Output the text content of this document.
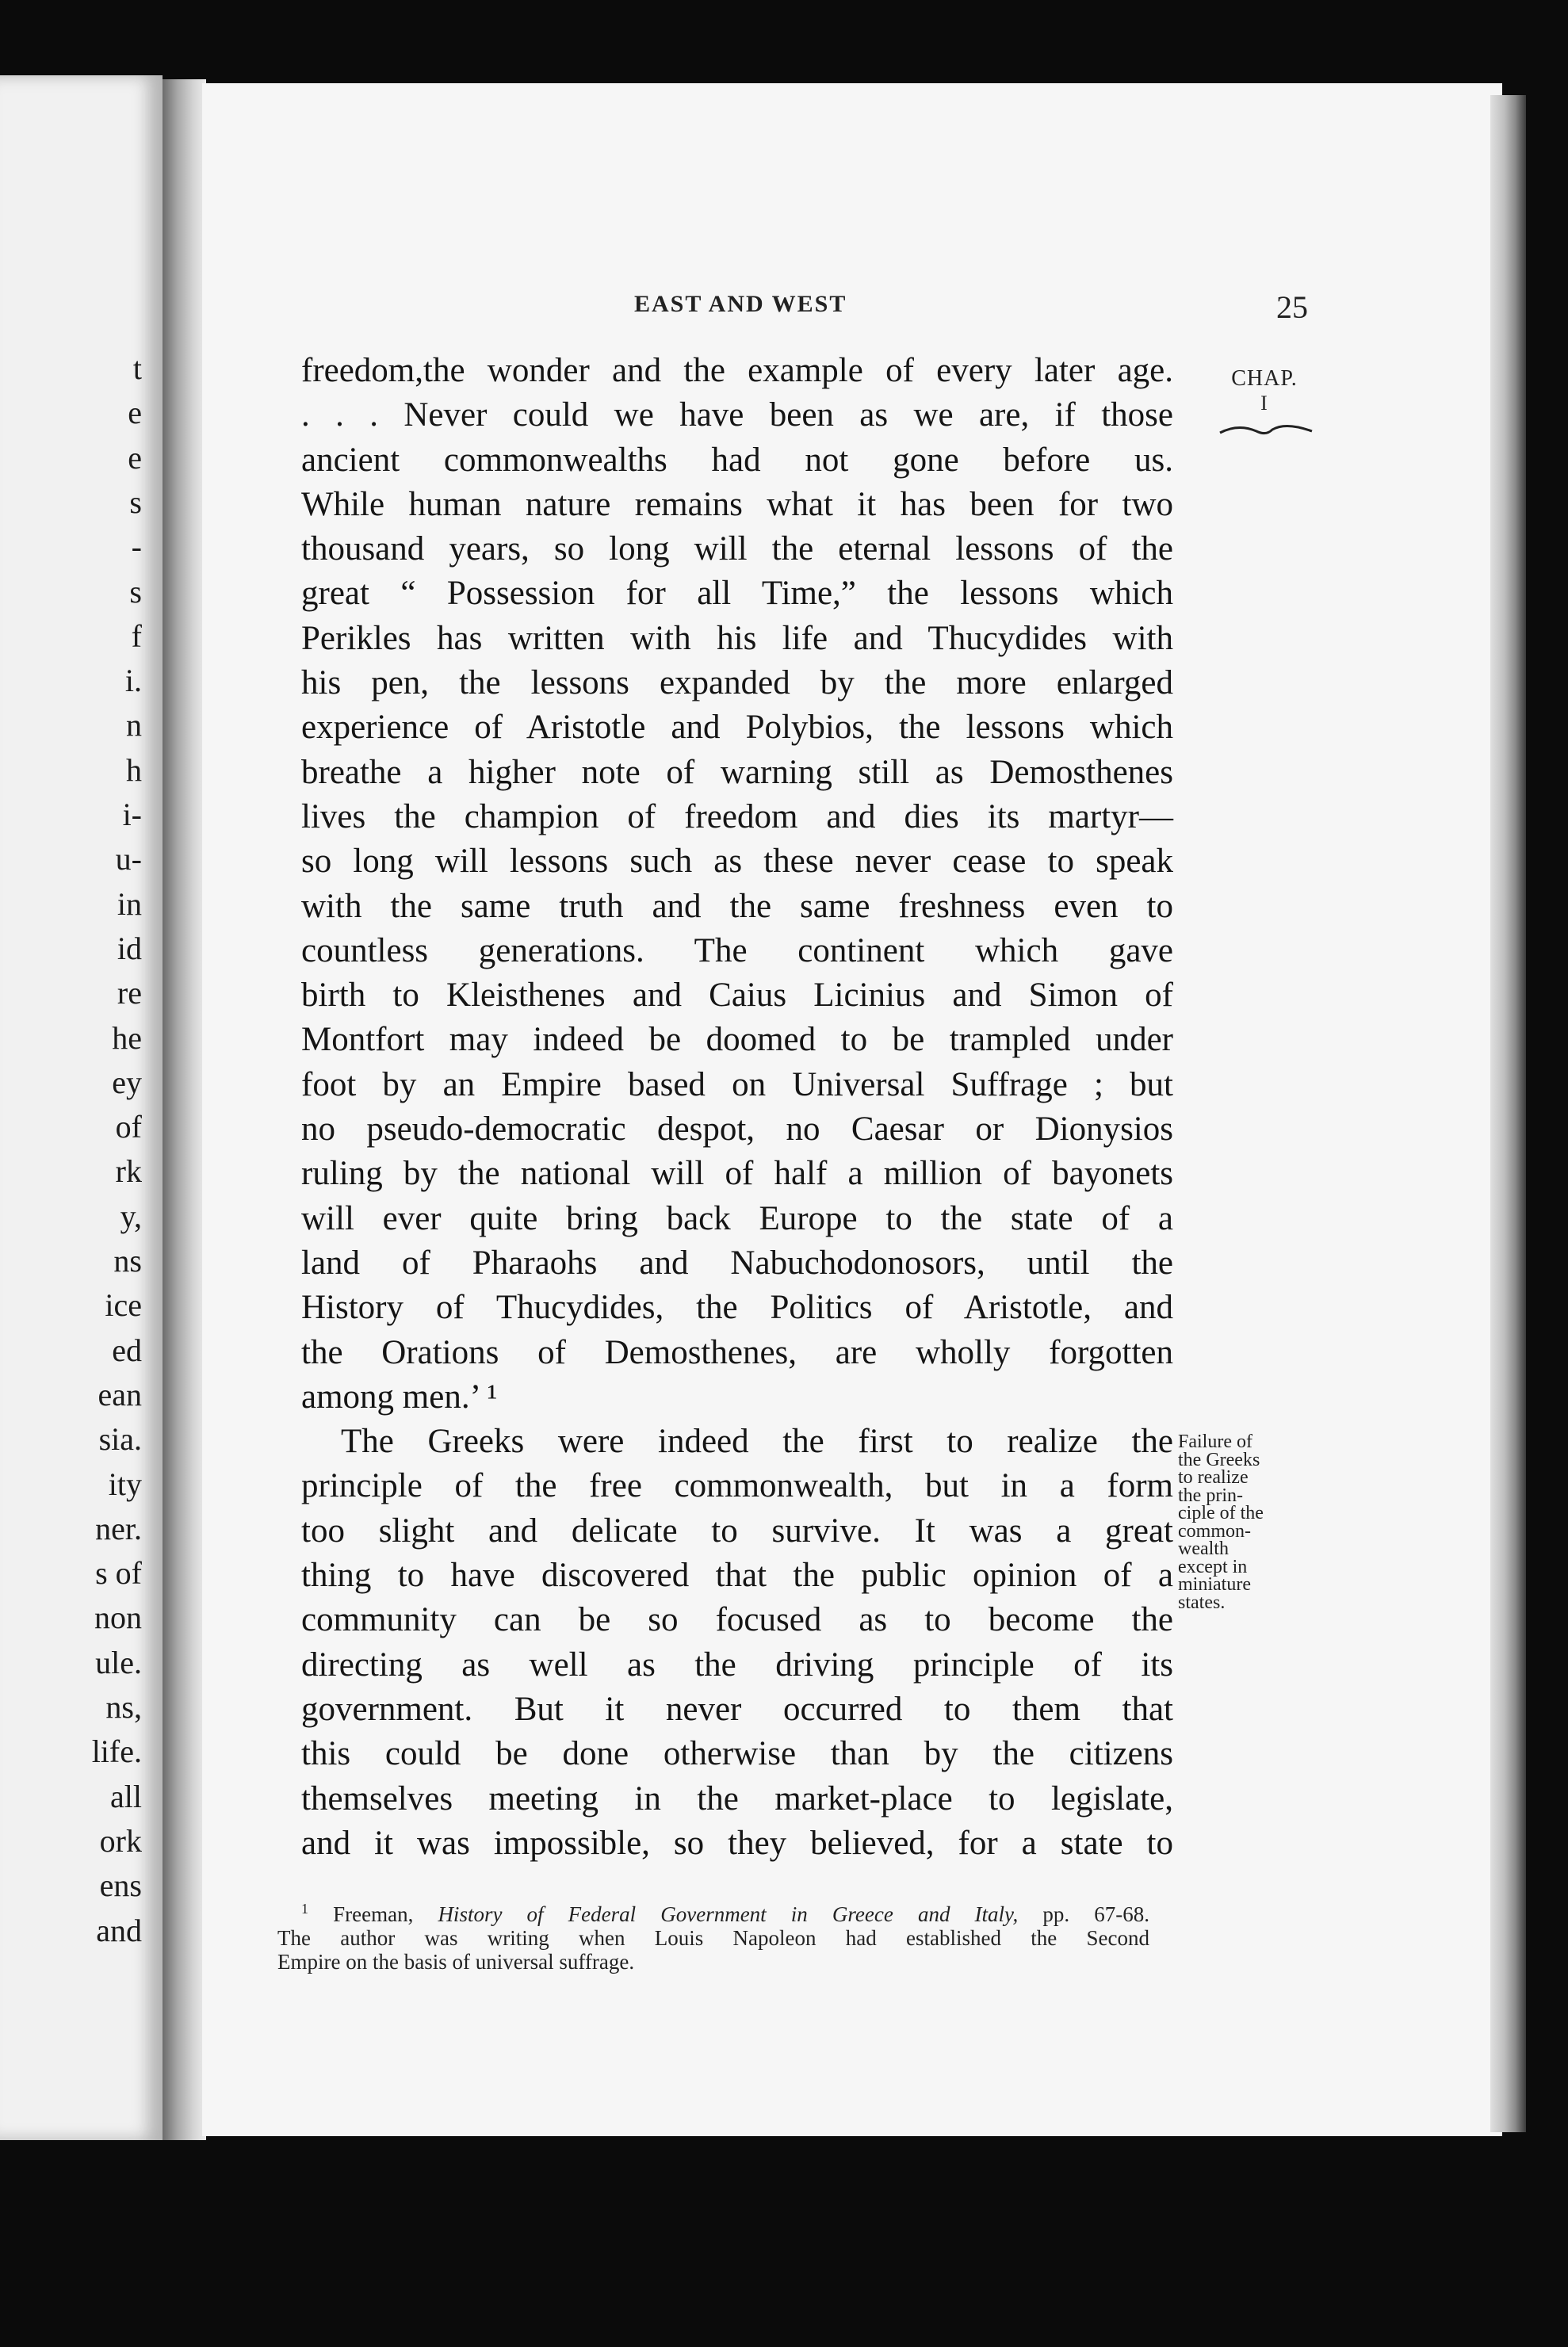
t
e
e
s
-
s
f
i.
n
h
i-
u-
in
id
re
he
ey
of
rk
y,
ns
ice
ed
ean
sia.
ity
ner.
s of
non
ule.
ns,
life.
all
ork
ens
and
EAST AND WEST	25
CHAP.
I
freedom,the wonder and the example of every later age.
. . . Never could we have been as we are, if those
ancient commonwealths had not gone before us.
While human nature remains what it has been for two
thousand years, so long will the eternal lessons of the
great “ Possession for all Time,” the lessons which
Perikles has written with his life and Thucydides with
his pen, the lessons expanded by the more enlarged
experience of Aristotle and Polybios, the lessons which
breathe a higher note of warning still as Demosthenes
lives the champion of freedom and dies its martyr—
so long will lessons such as these never cease to speak
with the same truth and the same freshness even to
countless generations. The continent which gave
birth to Kleisthenes and Caius Licinius and Simon of
Montfort may indeed be doomed to be trampled under
foot by an Empire based on Universal Suffrage ; but
no pseudo-democratic despot, no Caesar or Dionysios
ruling by the national will of half a million of bayonets
will ever quite bring back Europe to the state of a
land of Pharaohs and Nabuchodonosors, until the
History of Thucydides, the Politics of Aristotle, and
the Orations of Demosthenes, are wholly forgotten
among men.’ ¹
The Greeks were indeed the first to realize the
principle of the free commonwealth, but in a form
too slight and delicate to survive. It was a great
thing to have discovered that the public opinion of a
community can be so focused as to become the
directing as well as the driving principle of its
government. But it never occurred to them that
this could be done otherwise than by the citizens
themselves meeting in the market-place to legislate,
and it was impossible, so they believed, for a state to
Failure of
the Greeks
to realize
the prin-
ciple of the
common-
wealth
except in
miniature
states.
$^1$ Freeman, History of Federal Government in Greece and Italy, pp. 67-68.
The author was writing when Louis Napoleon had established the Second
Empire on the basis of universal suffrage.
